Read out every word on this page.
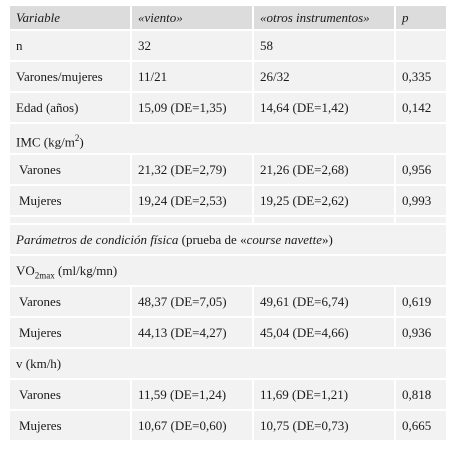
Variable	«viento»	«otros instrumentos»	p
n	32	58
Varones/mujeres	11/21	26/32	0,335
Edad (años)	15,09 (DE=1,35)	14,64 (DE=1,42)	0,142
IMC $(kg/m^2)$
Varones	21,32 (DE=2,79)	21,26 (DE=2,68)	0,956
Mujeres	19,24 (DE=2,53)	19,25 (DE=2,62)	0,993
Parámetros de condición física (prueba de «course navette»)
$VO_{2max}$ (ml/kg/mn)
Varones	48,37 (DE=7,05)	49,61 (DE=6,74)	0,619
Mujeres	44,13 (DE=4,27)	45,04 (DE=4,66)	0,936
v (km/h)
Varones	11,59 (DE=1,24)	11,69 (DE=1,21)	0,818
Mujeres	10,67 (DE=0,60)	10,75 (DE=0,73)	0,665
